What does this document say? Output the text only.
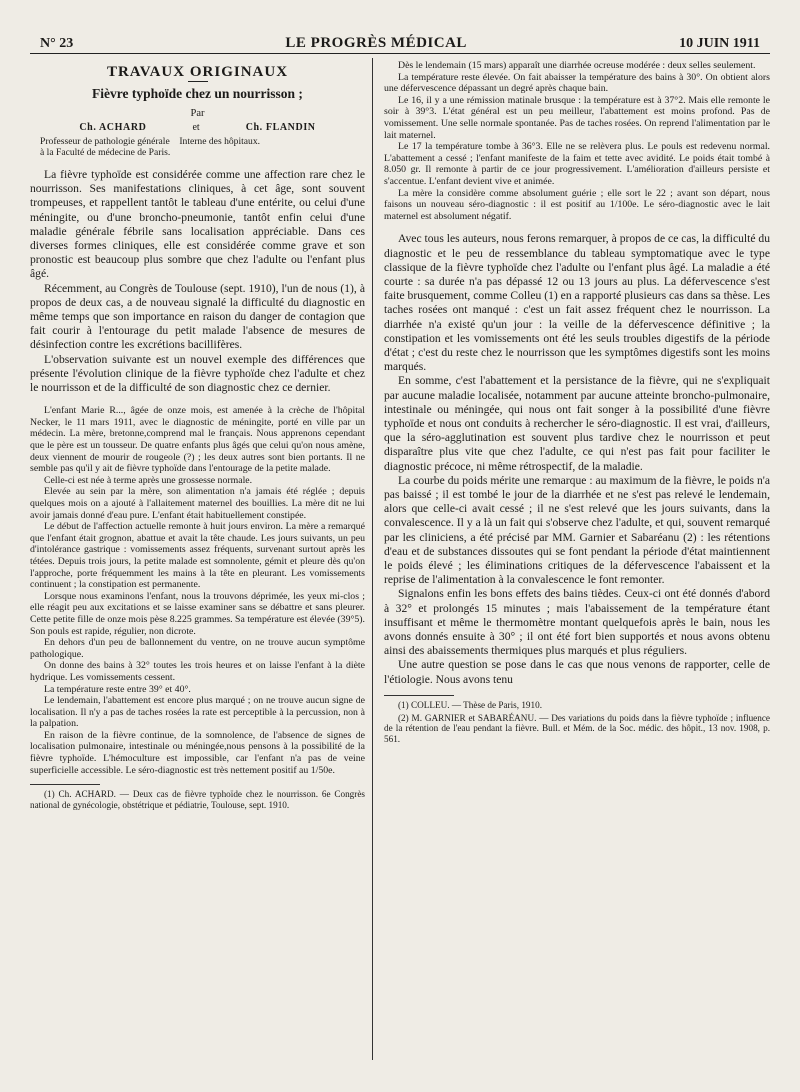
N° 23	LE PROGRÈS MÉDICAL	10 JUIN 1911
TRAVAUX ORIGINAUX
Fièvre typhoïde chez un nourrisson ;
Par
Ch. ACHARD	et	Ch. FLANDIN
Professeur de pathologie générale    Interne des hôpitaux.
à la Faculté de médecine de Paris.

La fièvre typhoïde est considérée comme une affection rare chez le nourrisson. Ses manifestations cliniques, à cet âge, sont souvent trompeuses, et rappellent tantôt le tableau d'une entérite, ou celui d'une méningite, ou d'une broncho-pneumonie, tantôt enfin celui d'une maladie générale fébrile sans localisation appréciable. Dans ces diverses formes cliniques, elle est considérée comme grave et son pronostic est beaucoup plus sombre que chez l'adulte ou l'enfant plus âgé.

Récemment, au Congrès de Toulouse (sept. 1910), l'un de nous (1), à propos de deux cas, a de nouveau signalé la difficulté du diagnostic en même temps que son importance en raison du danger de contagion que fait courir à l'entourage du petit malade l'absence de mesures de désinfection contre les excrétions bacillifères.

L'observation suivante est un nouvel exemple des différences que présente l'évolution clinique de la fièvre typhoïde chez l'adulte et chez le nourrisson et de la difficulté de son diagnostic chez ce dernier.

L'enfant Marie R..., âgée de onze mois, est amenée à la crèche de l'hôpital Necker, le 11 mars 1911, avec le diagnostic de méningite, porté en ville par un médecin. La mère, bretonne,comprend mal le français. Nous apprenons cependant que le père est un tousseur. De quatre enfants plus âgés que celui qu'on nous amène, deux viennent de mourir de rougeole (?) ; les deux autres sont bien portants. Il ne semble pas qu'il y ait de fièvre typhoïde dans l'entourage de la petite malade.

Celle-ci est née à terme après une grossesse normale.

Elevée au sein par la mère, son alimentation n'a jamais été réglée ; depuis quelques mois on a ajouté à l'allaitement maternel des bouillies. La mère dit ne lui avoir jamais donné d'eau pure. L'enfant était habituellement constipée.

Le début de l'affection actuelle remonte à huit jours environ. La mère a remarqué que l'enfant était grognon, abattue et avait la tête chaude. Les jours suivants, un peu d'intolérance gastrique : vomissements assez fréquents, survenant surtout après les tétées. Depuis trois jours, la petite malade est somnolente, gémit et pleure dès qu'on l'approche, porte fréquemment les mains à la tête en pleurant. Les vomissements continuent ; la constipation est permanente.

Lorsque nous examinons l'enfant, nous la trouvons déprimée, les yeux mi-clos ; elle réagit peu aux excitations et se laisse examiner sans se débattre et sans pleurer. Cette petite fille de onze mois pèse 8.225 grammes. Sa température est élevée (39°5). Son pouls est rapide, régulier, non dicrote.

En dehors d'un peu de ballonnement du ventre, on ne trouve aucun symptôme pathologique.

On donne des bains à 32° toutes les trois heures et on laisse l'enfant à la diète hydrique. Les vomissements cessent.

La température reste entre 39° et 40°.

Le lendemain, l'abattement est encore plus marqué ; on ne trouve aucun signe de localisation. Il n'y a pas de taches rosées la rate est perceptible à la percussion, non à la palpation.

En raison de la fièvre continue, de la somnolence, de l'absence de signes de localisation pulmonaire, intestinale ou méningée,nous pensons à la possibilité de la fièvre typhoïde. L'hémoculture est impossible, car l'enfant n'a pas de veine superficielle accessible. Le séro-diagnostic est très nettement positif au 1/50e.

(1) Ch. ACHARD. — Deux cas de fièvre typhoïde chez le nourrisson. 6e Congrès national de gynécologie, obstétrique et pédiatrie, Toulouse, sept. 1910.

Dès le lendemain (15 mars) apparaît une diarrhée ocreuse modérée : deux selles seulement.

La température reste élevée. On fait abaisser la température des bains à 30°. On obtient alors une défervescence dépassant un degré après chaque bain.

Le 16, il y a une rémission matinale brusque : la température est à 37°2. Mais elle remonte le soir à 39°3. L'état général est un peu meilleur, l'abattement est moins profond. Pas de vomissement. Une selle normale spontanée. Pas de taches rosées. On reprend l'alimentation par le lait maternel.

Le 17 la température tombe à 36°3. Elle ne se relèvera plus. Le pouls est redevenu normal. L'abattement a cessé ; l'enfant manifeste de la faim et tette avec avidité. Le poids était tombé à 8.050 gr. Il remonte à partir de ce jour progressivement. L'amélioration d'ailleurs persiste et s'accentue. L'enfant devient vive et animée.

La mère la considère comme absolument guérie ; elle sort le 22 ; avant son départ, nous faisons un nouveau séro-diagnostic : il est positif au 1/100e. Le séro-diagnostic avec le lait maternel est absolument négatif.

Avec tous les auteurs, nous ferons remarquer, à propos de ce cas, la difficulté du diagnostic et le peu de ressemblance du tableau symptomatique avec le type classique de la fièvre typhoïde chez l'adulte ou l'enfant plus âgé. La maladie a été courte : sa durée n'a pas dépassé 12 ou 13 jours au plus. La défervescence s'est faite brusquement, comme Colleu (1) en a rapporté plusieurs cas dans sa thèse. Les taches rosées ont manqué : c'est un fait assez fréquent chez le nourrisson. La diarrhée n'a existé qu'un jour : la veille de la défervescence définitive ; la constipation et les vomissements ont été les seuls troubles digestifs de la période d'état ; c'est du reste chez le nourrisson que les symptômes digestifs sont les moins marqués.

En somme, c'est l'abattement et la persistance de la fièvre, qui ne s'expliquait par aucune maladie localisée, notamment par aucune atteinte broncho-pulmonaire, intestinale ou méningée, qui nous ont fait songer à la possibilité d'une fièvre typhoïde et nous ont conduits à rechercher le séro-diagnostic. Il est vrai, d'ailleurs, que la séro-agglutination est souvent plus tardive chez le nourrisson et peut disparaître plus vite que chez l'adulte, ce qui n'est pas fait pour faciliter le diagnostic précoce, ni même rétrospectif, de la maladie.

La courbe du poids mérite une remarque : au maximum de la fièvre, le poids n'a pas baissé ; il est tombé le jour de la diarrhée et ne s'est pas relevé le lendemain, alors que celle-ci avait cessé ; il ne s'est relevé que les jours suivants, dans la convalescence. Il y a là un fait qui s'observe chez l'adulte, et qui, souvent remarqué par les cliniciens, a été précisé par MM. Garnier et Sabaréanu (2) : les rétentions d'eau et de substances dissoutes qui se font pendant la période d'état maintiennent le poids élevé ; les éliminations critiques de la défervescence l'abaissent et la reprise de l'alimentation à la convalescence le font remonter.

Signalons enfin les bons effets des bains tièdes. Ceux-ci ont été donnés d'abord à 32° et prolongés 15 minutes ; mais l'abaissement de la température étant insuffisant et même le thermomètre montant quelquefois après le bain, nous les avons donnés ensuite à 30° ; il ont été fort bien supportés et nous avons obtenu ainsi des abaissements thermiques plus marqués et plus réguliers.

Une autre question se pose dans le cas que nous venons de rapporter, celle de l'étiologie. Nous avons tenu

(1) COLLEU. — Thèse de Paris, 1910.

(2) M. GARNIER et SABARÉANU. — Des variations du poids dans la fièvre typhoïde ; influence de la rétention de l'eau pendant la fièvre. Bull. et Mém. de la Soc. médic. des hôpit., 13 nov. 1908, p. 561.
